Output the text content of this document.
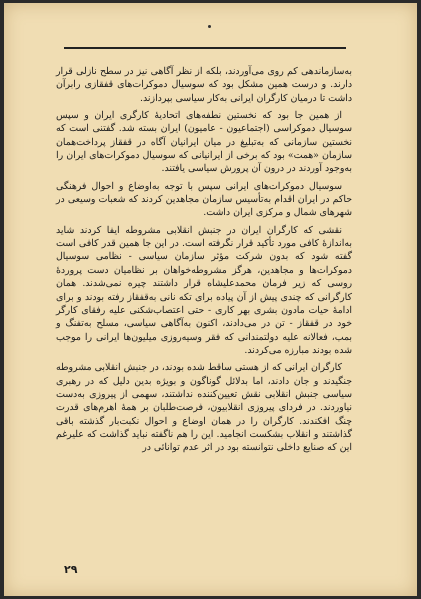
به‌سازماندهی کم روی می‌آوردند، بلکه از نظر آگاهی نیز در سطح نازلی قرار دارند. و درست همین مشکل بود که سوسیال دموکرات‌های قفقازی رابرآن داشت تا درمیان کارگران ایرانی به‌کار سیاسی بپردازند.

از همین جا بود که نخستین نطفه‌های اتحادیهٔ کارگری ایران و سپس سوسیال دموکراسی (اجتماعیون - عامیون) ایران بسته شد. گفتنی است که نخستین سازمانی که به‌تبلیغ در میان ایرانیان آگاه در قفقاز پرداخت‌همان سازمان «همت» بود که برخی از ایرانیانی که سوسیال دموکرات‌های ایران را به‌وجود آوردند در درون آن پرورش سیاسی یافتند.

سوسیال دموکرات‌های ایرانی سپس با توجه به‌اوضاع و احوال فرهنگی حاکم در ایران اقدام به‌تأسیس سازمان مجاهدین کردند که شعبات وسیعی در شهرهای شمال و مرکزی ایران داشت.

نقشی که کارگران ایران در جنبش انقلابی مشروطه ایفا کردند شاید به‌اندازهٔ کافی مورد تأکید قرار نگرفته است. در این جا همین قدر کافی است گفته شود که بدون شرکت مؤثر سازمان سیاسی - نظامی سوسیال دموکرات‌ها و مجاهدین، هرگز مشروطه‌خواهان بر نظامیان دست پروردهٔ روسی که زیر فرمان محمدعلیشاه قرار داشتند چیره نمی‌شدند. همان کارگرانی که چندی پیش از آن پیاده برای تکه نانی به‌قفقاز رفته بودند و برای ادامهٔ حیات مادون بشری بهر کاری - حتی اعتصاب‌شکنی علیه رفقای کارگر خود در قفقاز - تن در می‌دادند، اکنون به‌آگاهی سیاسی، مسلح به‌تفنگ و بمب، فعالانه علیه دولتمندانی که فقر وسیه‌روزی میلیون‌ها ایرانی را موجب شده بودند مبارزه می‌کردند.

کارگران ایرانی که از هستی ساقط شده بودند، در جنبش انقلابی مشروطه جنگیدند و جان دادند، اما بدلائل گوناگون و بویژه بدین دلیل که در رهبری سیاسی جنبش انقلابی نقش تعیین‌کننده نداشتند، سهمی از پیروزی به‌دست نیاوردند. در فردای پیروزی انقلابیون، فرصت‌طلبان بر همهٔ اهرم‌های قدرت چنگ افکندند. کارگران را در همان اوضاع و احوال نکبت‌بار گذشته باقی گذاشتند و انقلاب بشکست انجامید. این را هم ناگفته نباید گذاشت که علیرغم این که صنایع داخلی نتوانسته بود در اثر عدم توانائی در

۲۹
